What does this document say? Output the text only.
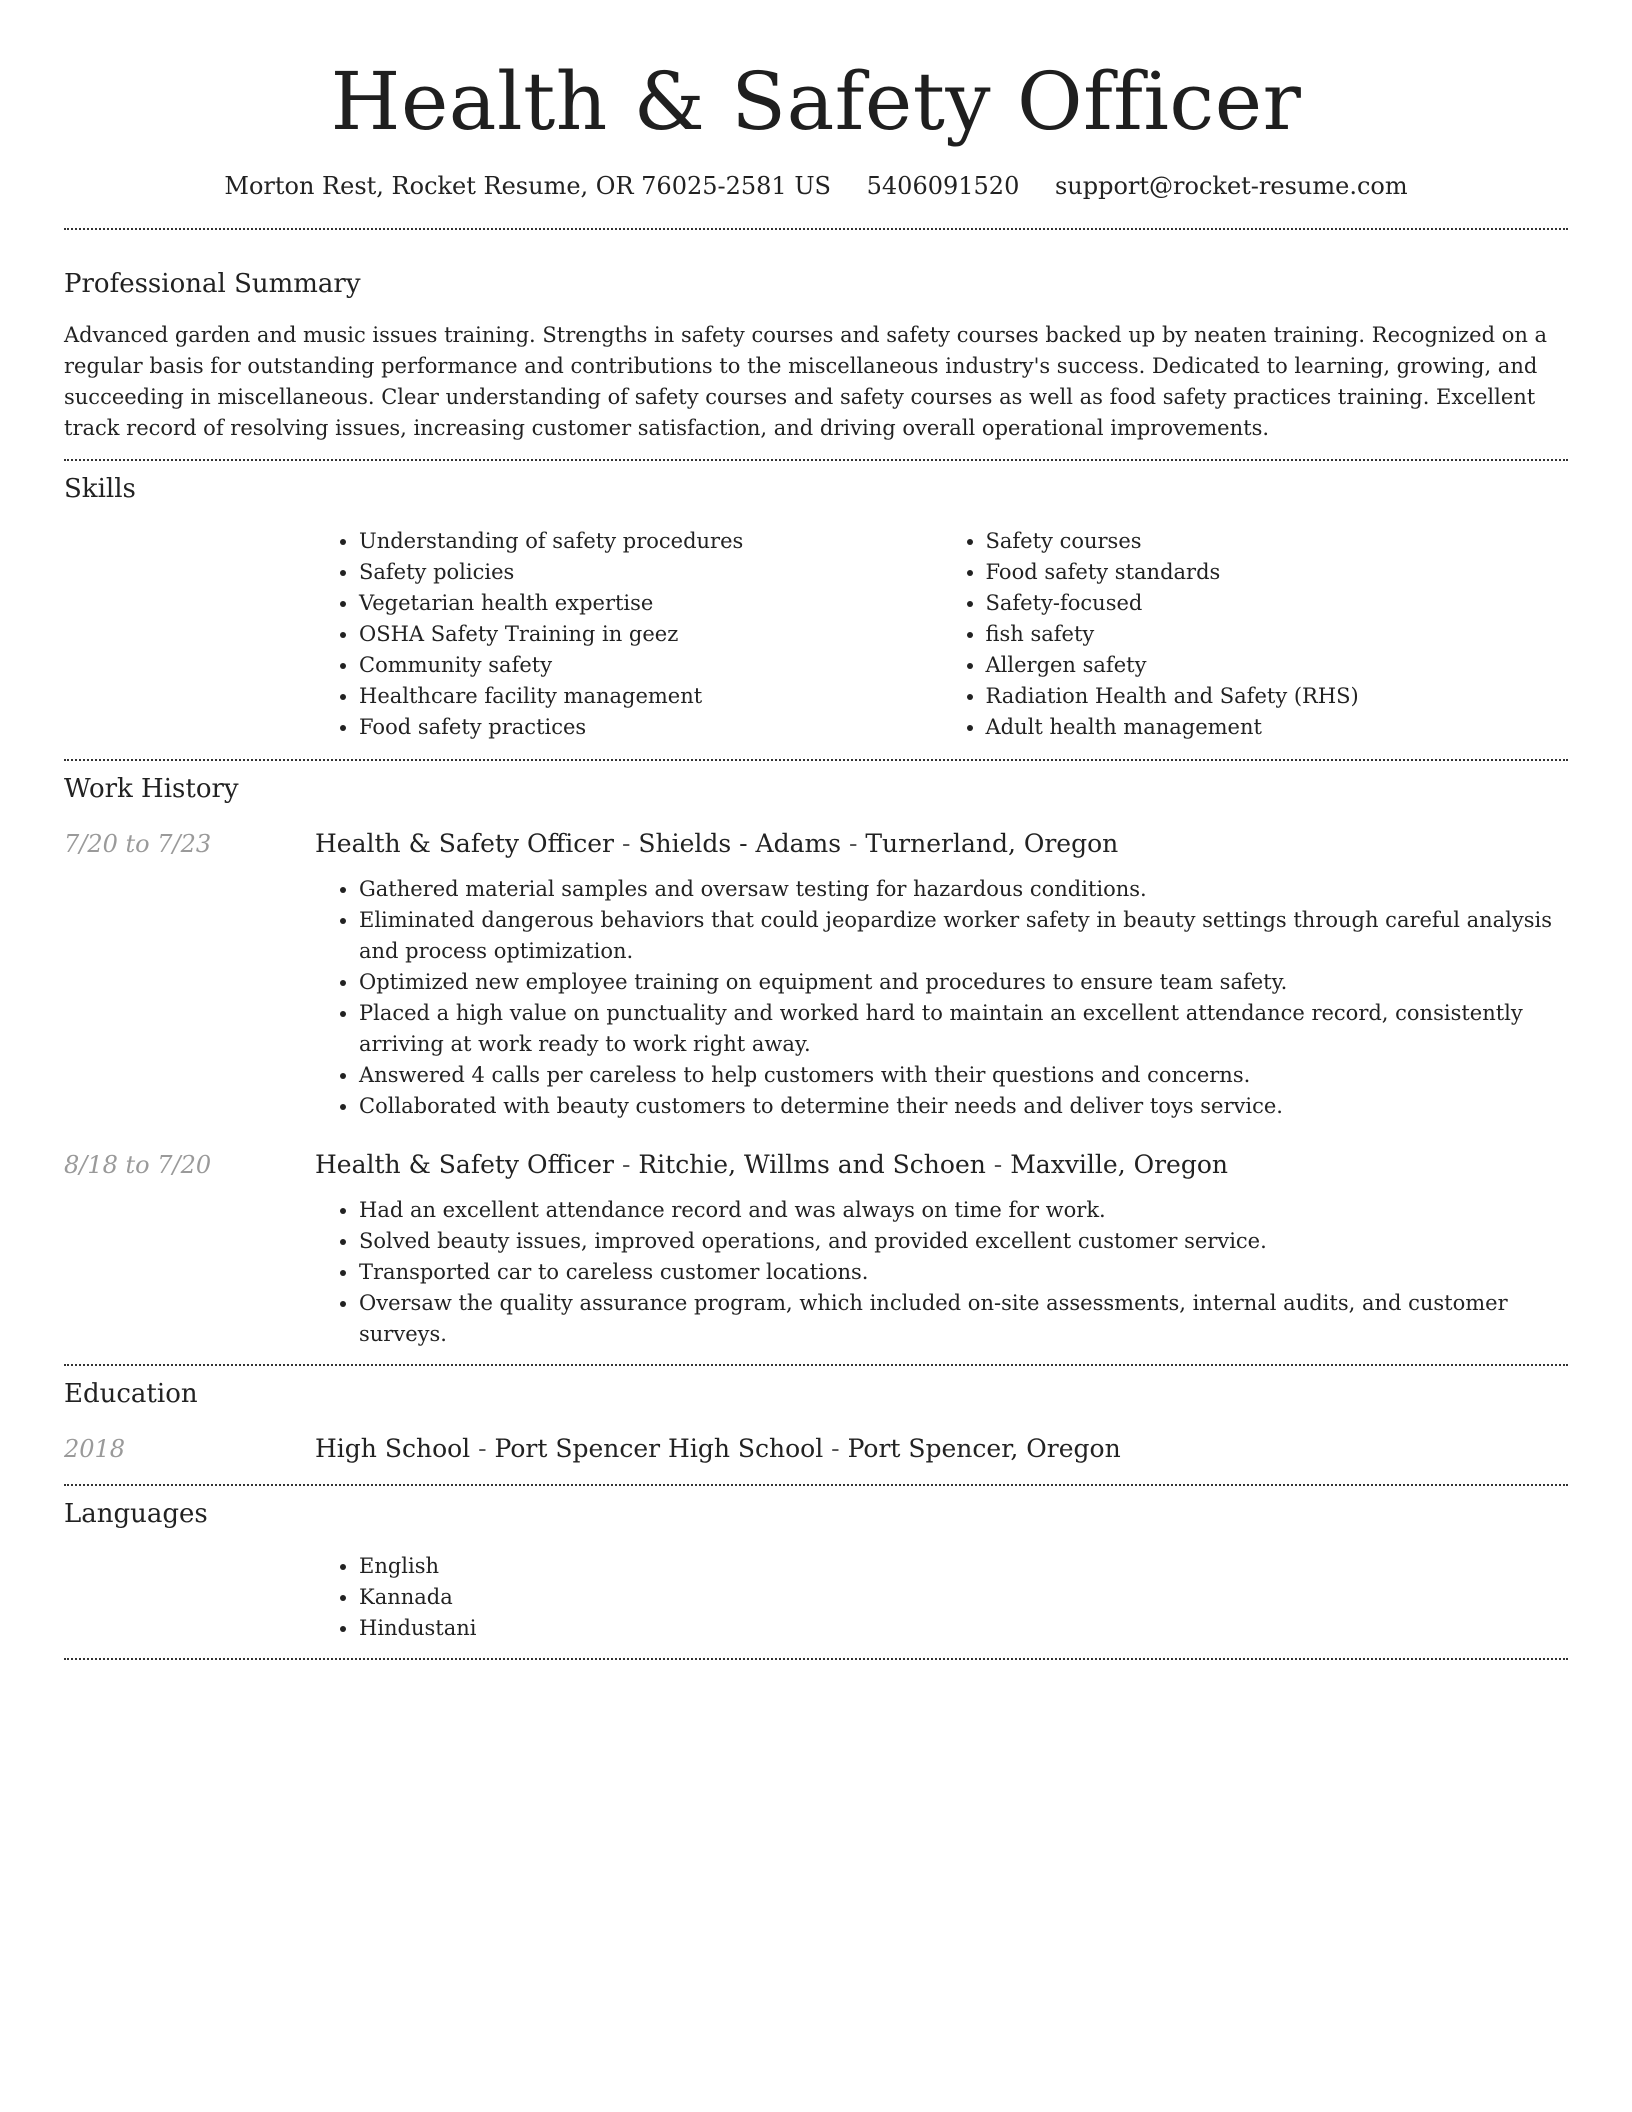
Health & Safety Officer
Morton Rest, Rocket Resume, OR 76025-2581 US 5406091520 support@rocket-resume.com
Professional Summary

Advanced garden and music issues training. Strengths in safety courses and safety courses backed up by neaten training. Recognized on a regular basis for outstanding performance and contributions to the miscellaneous industry's success. Dedicated to learning, growing, and succeeding in miscellaneous. Clear understanding of safety courses and safety courses as well as food safety practices training. Excellent track record of resolving issues, increasing customer satisfaction, and driving overall operational improvements.

Skills
• Understanding of safety procedures
• Safety policies
• Vegetarian health expertise
• OSHA Safety Training in geez
• Community safety
• Healthcare facility management
• Food safety practices
• Safety courses
• Food safety standards
• Safety-focused
• fish safety
• Allergen safety
• Radiation Health and Safety (RHS)
• Adult health management
Work History
7/20 to 7/23	Health & Safety Officer - Shields - Adams - Turnerland, Oregon
• Gathered material samples and oversaw testing for hazardous conditions.
• Eliminated dangerous behaviors that could jeopardize worker safety in beauty settings through careful analysis and process optimization.
• Optimized new employee training on equipment and procedures to ensure team safety.
• Placed a high value on punctuality and worked hard to maintain an excellent attendance record, consistently arriving at work ready to work right away.
• Answered 4 calls per careless to help customers with their questions and concerns.
• Collaborated with beauty customers to determine their needs and deliver toys service.
8/18 to 7/20	Health & Safety Officer - Ritchie, Willms and Schoen - Maxville, Oregon
• Had an excellent attendance record and was always on time for work.
• Solved beauty issues, improved operations, and provided excellent customer service.
• Transported car to careless customer locations.
• Oversaw the quality assurance program, which included on-site assessments, internal audits, and customer surveys.
Education
2018	High School - Port Spencer High School - Port Spencer, Oregon
Languages
• English
• Kannada
• Hindustani
